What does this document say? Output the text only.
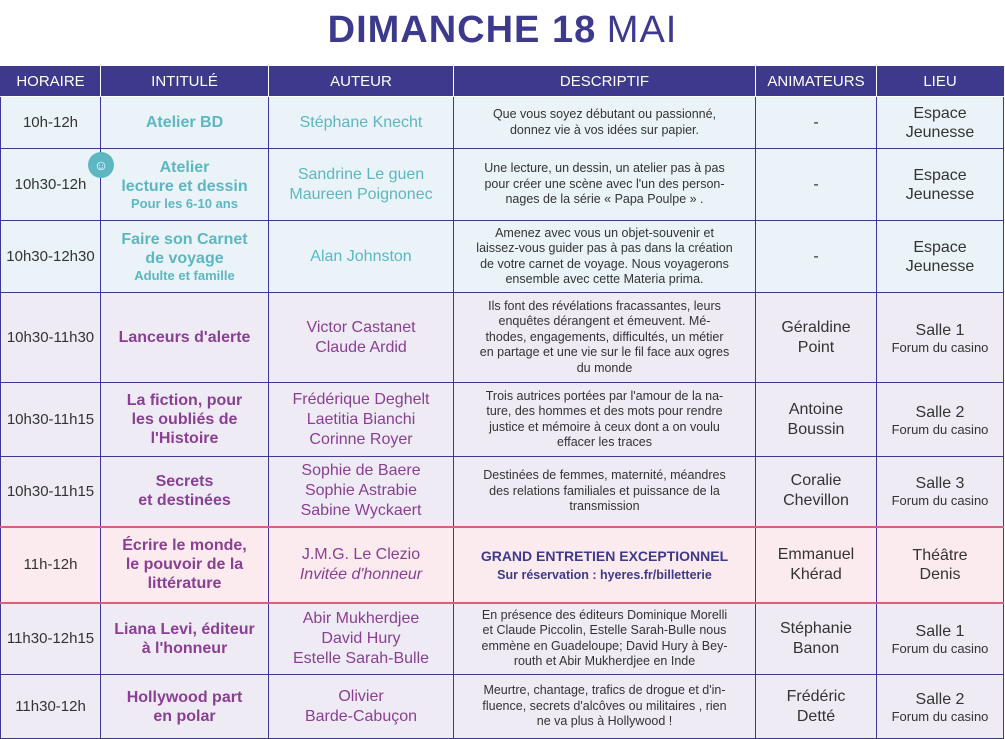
DIMANCHE 18 MAI
HORAIRE	INTITULÉ	AUTEUR	DESCRIPTIF	ANIMATEURS	LIEU
10h-12h	Atelier BD	Stéphane Knecht	Que vous soyez débutant ou passionné,
donnez vie à vos idées sur papier.	-	Espace
Jeunesse

10h30-12h	Atelier
lecture et dessin
Pour les 6-10 ans	Sandrine Le guen
Maureen Poignonec	Une lecture, un dessin, un atelier pas à pas
pour créer une scène avec l'un des person-
nages de la série « Papa Poulpe » .	-	Espace
Jeunesse

10h30-12h30	Faire son Carnet
de voyage
Adulte et famille	Alan Johnston	Amenez avec vous un objet-souvenir et
laissez-vous guider pas à pas dans la création
de votre carnet de voyage. Nous voyagerons
ensemble avec cette Materia prima.	-	Espace
Jeunesse

10h30-11h30	Lanceurs d'alerte	Victor Castanet
Claude Ardid	Ils font des révélations fracassantes, leurs
enquêtes dérangent et émeuvent. Mé-
thodes, engagements, difficultés, un métier
en partage et une vie sur le fil face aux ogres
du monde	Géraldine
Point	Salle 1
Forum du casino

10h30-11h15	La fiction, pour
les oubliés de
l'Histoire	Frédérique Deghelt
Laetitia Bianchi
Corinne Royer	Trois autrices portées par l'amour de la na-
ture, des hommes et des mots pour rendre
justice et mémoire à ceux dont a on voulu
effacer les traces	Antoine
Boussin	Salle 2
Forum du casino

10h30-11h15	Secrets
et destinées	Sophie de Baere
Sophie Astrabie
Sabine Wyckaert	Destinées de femmes, maternité, méandres
des relations familiales et puissance de la
transmission	Coralie
Chevillon	Salle 3
Forum du casino

11h-12h	Écrire le monde,
le pouvoir de la
littérature	J.M.G. Le Clezio
Invitée d'honneur	GRAND ENTRETIEN EXCEPTIONNEL
Sur réservation : hyeres.fr/billetterie	Emmanuel
Khérad	Théâtre
Denis

11h30-12h15	Liana Levi, éditeur
à l'honneur	Abir Mukherdjee
David Hury
Estelle Sarah-Bulle	En présence des éditeurs Dominique Morelli
et Claude Piccolin, Estelle Sarah-Bulle nous
emmène en Guadeloupe; David Hury à Bey-
routh et Abir Mukherdjee en Inde	Stéphanie
Banon	Salle 1
Forum du casino

11h30-12h	Hollywood part
en polar	Olivier
Barde-Cabuçon	Meurtre, chantage, trafics de drogue et d'in-
fluence, secrets d'alcôves ou militaires , rien
ne va plus à Hollywood !	Frédéric
Detté	Salle 2
Forum du casino
☺
